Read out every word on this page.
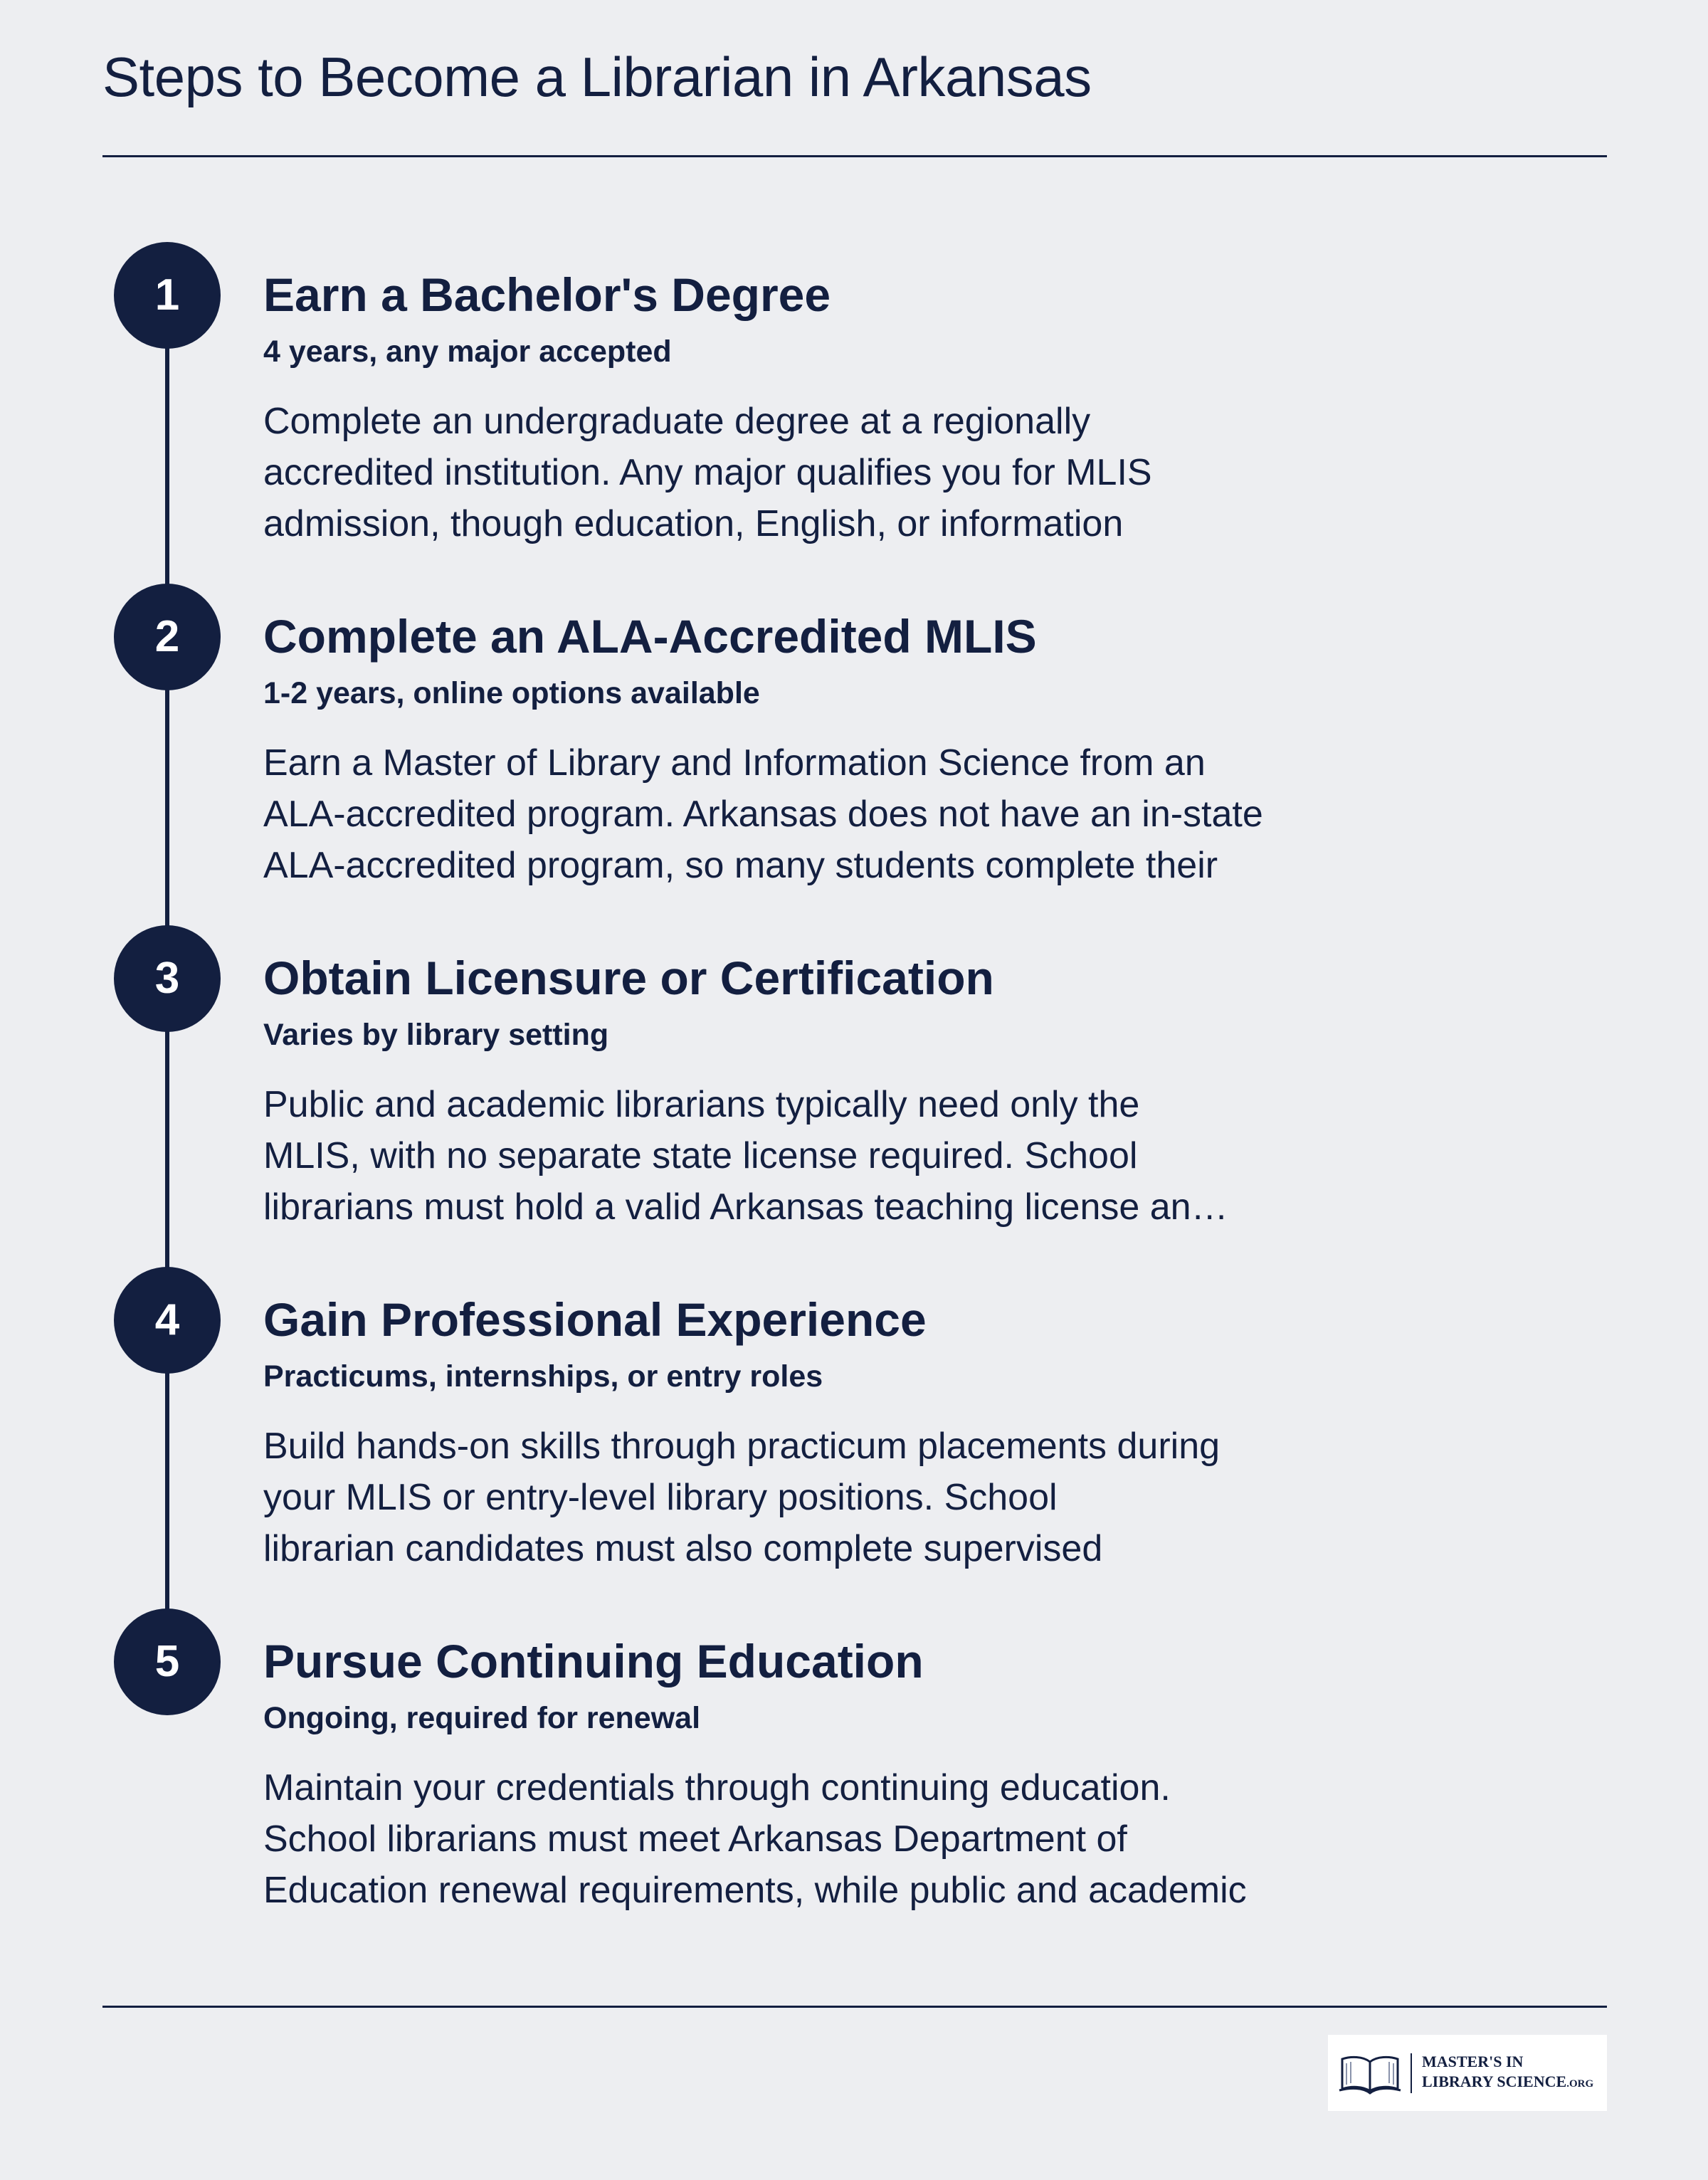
Steps to Become a Librarian in Arkansas
1	Earn a Bachelor's Degree
4 years, any major accepted
Complete an undergraduate degree at a regionally
accredited institution. Any major qualifies you for MLIS
admission, though education, English, or information
2	Complete an ALA-Accredited MLIS
1-2 years, online options available
Earn a Master of Library and Information Science from an
ALA-accredited program. Arkansas does not have an in-state
ALA-accredited program, so many students complete their
3	Obtain Licensure or Certification
Varies by library setting
Public and academic librarians typically need only the
MLIS, with no separate state license required. School
librarians must hold a valid Arkansas teaching license an…
4	Gain Professional Experience
Practicums, internships, or entry roles
Build hands-on skills through practicum placements during
your MLIS or entry-level library positions. School
librarian candidates must also complete supervised
5	Pursue Continuing Education
Ongoing, required for renewal
Maintain your credentials through continuing education.
School librarians must meet Arkansas Department of
Education renewal requirements, while public and academic
MASTER'S IN
LIBRARY SCIENCE.ORG
